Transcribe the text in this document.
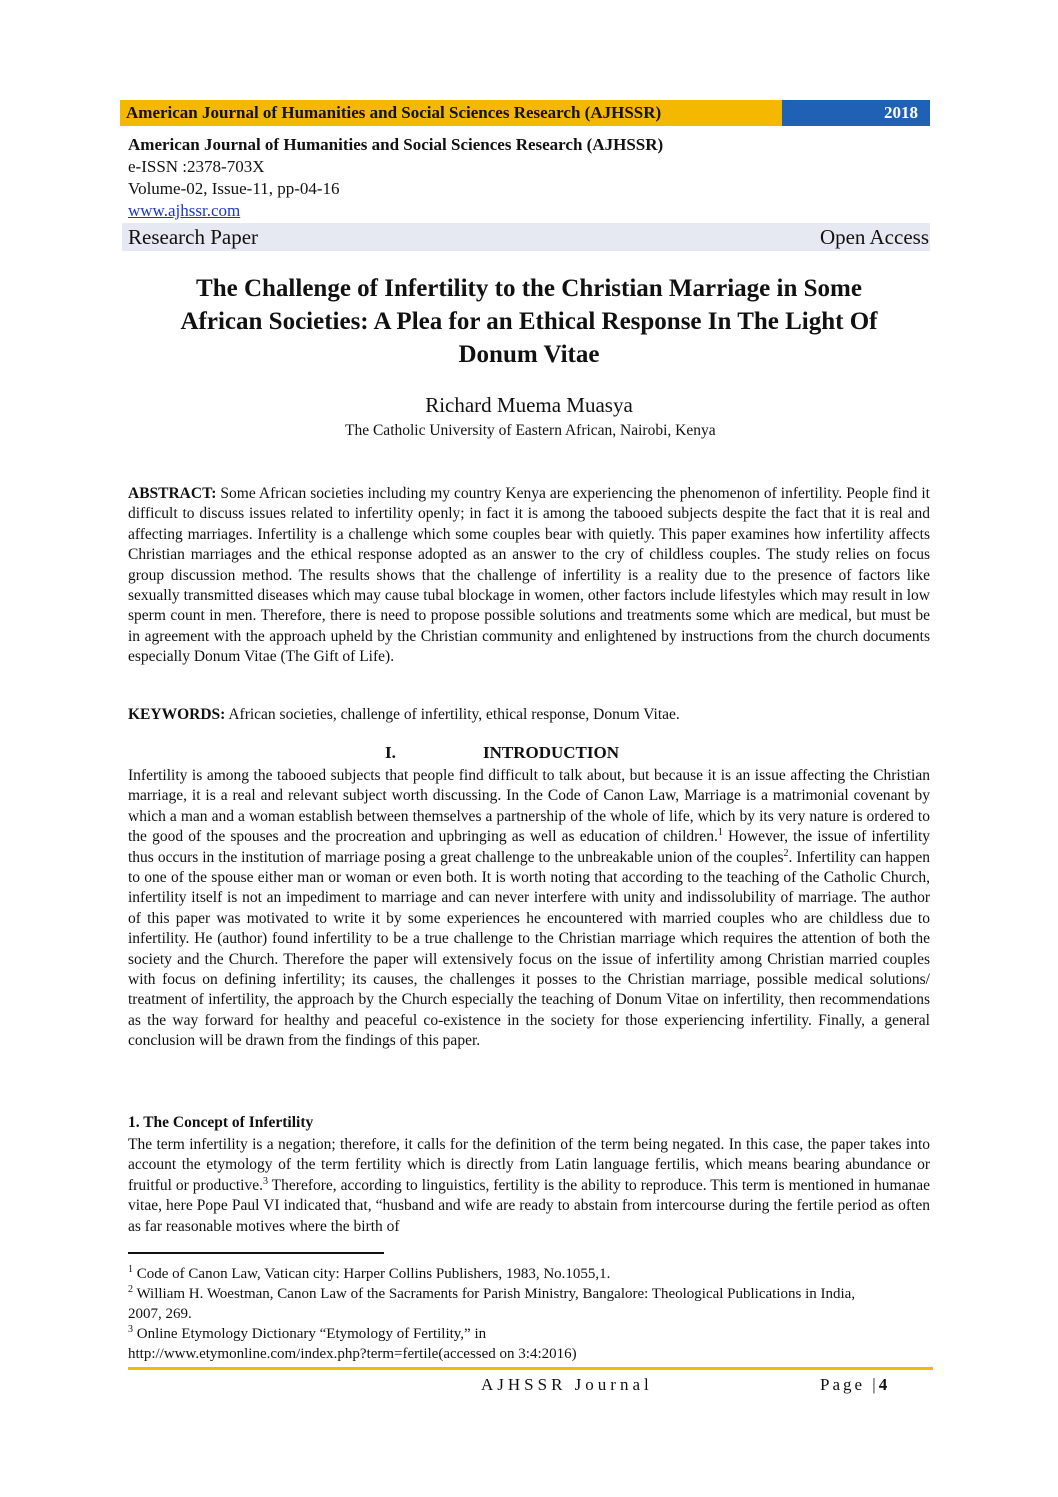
American Journal of Humanities and Social Sciences Research (AJHSSR)	2018
American Journal of Humanities and Social Sciences Research (AJHSSR)
e-ISSN :2378-703X
Volume-02, Issue-11, pp-04-16
www.ajhssr.com
Research Paper	Open Access
The Challenge of Infertility to the Christian Marriage in Some
African Societies: A Plea for an Ethical Response In The Light Of
Donum Vitae
Richard Muema Muasya
The Catholic University of Eastern African, Nairobi, Kenya
ABSTRACT: Some African societies including my country Kenya are experiencing the phenomenon of infertility. People find it difficult to discuss issues related to infertility openly; in fact it is among the tabooed subjects despite the fact that it is real and affecting marriages. Infertility is a challenge which some couples bear with quietly. This paper examines how infertility affects Christian marriages and the ethical response adopted as an answer to the cry of childless couples. The study relies on focus group discussion method. The results shows that the challenge of infertility is a reality due to the presence of factors like sexually transmitted diseases which may cause tubal blockage in women, other factors include lifestyles which may result in low sperm count in men. Therefore, there is need to propose possible solutions and treatments some which are medical, but must be in agreement with the approach upheld by the Christian community and enlightened by instructions from the church documents especially Donum Vitae (The Gift of Life).
KEYWORDS: African societies, challenge of infertility, ethical response, Donum Vitae.
I.	INTRODUCTION
Infertility is among the tabooed subjects that people find difficult to talk about, but because it is an issue affecting the Christian marriage, it is a real and relevant subject worth discussing. In the Code of Canon Law, Marriage is a matrimonial covenant by which a man and a woman establish between themselves a partnership of the whole of life, which by its very nature is ordered to the good of the spouses and the procreation and upbringing as well as education of children.$^1$ However, the issue of infertility thus occurs in the institution of marriage posing a great challenge to the unbreakable union of the couples$^2$. Infertility can happen to one of the spouse either man or woman or even both. It is worth noting that according to the teaching of the Catholic Church, infertility itself is not an impediment to marriage and can never interfere with unity and indissolubility of marriage. The author of this paper was motivated to write it by some experiences he encountered with married couples who are childless due to infertility. He (author) found infertility to be a true challenge to the Christian marriage which requires the attention of both the society and the Church. Therefore the paper will extensively focus on the issue of infertility among Christian married couples with focus on defining infertility; its causes, the challenges it posses to the Christian marriage, possible medical solutions/ treatment of infertility, the approach by the Church especially the teaching of Donum Vitae on infertility, then recommendations as the way forward for healthy and peaceful co-existence in the society for those experiencing infertility. Finally, a general conclusion will be drawn from the findings of this paper.
1. The Concept of Infertility
The term infertility is a negation; therefore, it calls for the definition of the term being negated. In this case, the paper takes into account the etymology of the term fertility which is directly from Latin language fertilis, which means bearing abundance or fruitful or productive.$^3$ Therefore, according to linguistics, fertility is the ability to reproduce. This term is mentioned in humanae vitae, here Pope Paul VI indicated that, “husband and wife are ready to abstain from intercourse during the fertile period as often as far reasonable motives where the birth of
$^1$ Code of Canon Law, Vatican city: Harper Collins Publishers, 1983, No.1055,1.
$^2$ William H. Woestman, Canon Law of the Sacraments for Parish Ministry, Bangalore: Theological Publications in India, 2007, 269.
$^3$ Online Etymology Dictionary “Etymology of Fertility,” in http://www.etymonline.com/index.php?term=fertile(accessed on 3:4:2016)
AJHSSR Journal	Page |4
